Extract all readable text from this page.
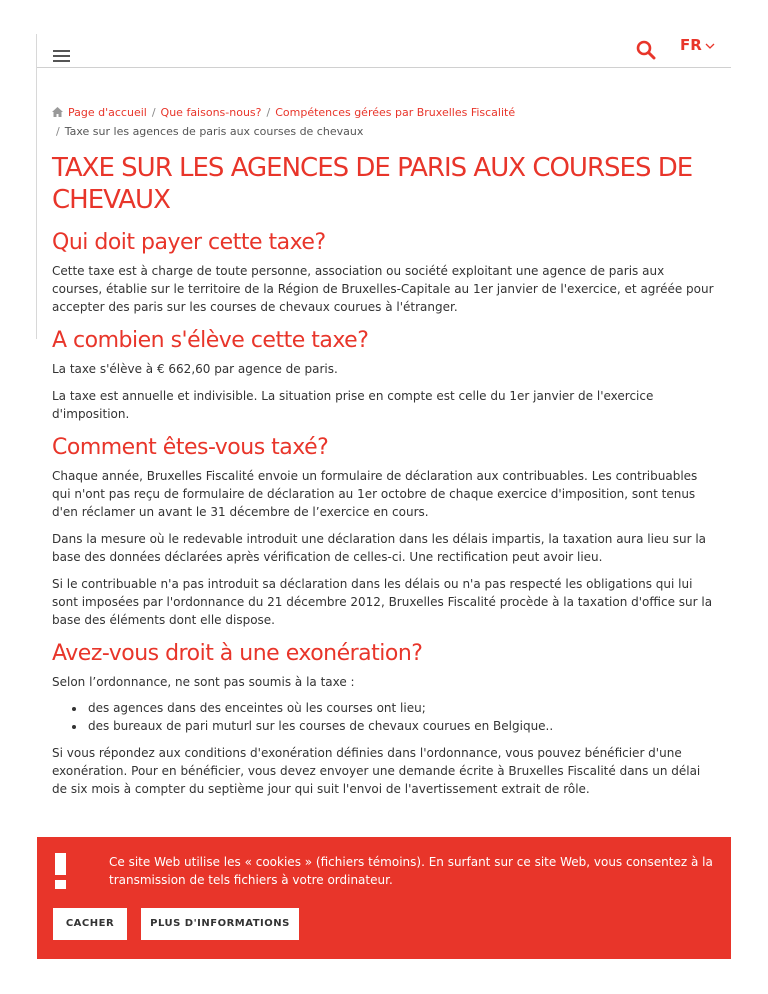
FR
Page d'accueil / Que faisons-nous? / Compétences gérées par Bruxelles Fiscalité
/ Taxe sur les agences de paris aux courses de chevaux
TAXE SUR LES AGENCES DE PARIS AUX COURSES DE CHEVAUX
Qui doit payer cette taxe?

Cette taxe est à charge de toute personne, association ou société exploitant une agence de paris aux courses, établie sur le territoire de la Région de Bruxelles-Capitale au 1er janvier de l'exercice, et agréée pour accepter des paris sur les courses de chevaux courues à l'étranger.

A combien s'élève cette taxe?

La taxe s'élève à € 662,60 par agence de paris.

La taxe est annuelle et indivisible. La situation prise en compte est celle du 1er janvier de l'exercice d'imposition.

Comment êtes-vous taxé?

Chaque année, Bruxelles Fiscalité envoie un formulaire de déclaration aux contribuables. Les contribuables qui n'ont pas reçu de formulaire de déclaration au 1er octobre de chaque exercice d'imposition, sont tenus d'en réclamer un avant le 31 décembre de l’exercice en cours.

Dans la mesure où le redevable introduit une déclaration dans les délais impartis, la taxation aura lieu sur la base des données déclarées après vérification de celles-ci. Une rectification peut avoir lieu.

Si le contribuable n'a pas introduit sa déclaration dans les délais ou n'a pas respecté les obligations qui lui sont imposées par l'ordonnance du 21 décembre 2012, Bruxelles Fiscalité procède à la taxation d'office sur la base des éléments dont elle dispose.

Avez-vous droit à une exonération?

Selon l’ordonnance, ne sont pas soumis à la taxe :

des agences dans des enceintes où les courses ont lieu;
des bureaux de pari muturl sur les courses de chevaux courues en Belgique..

Si vous répondez aux conditions d'exonération définies dans l'ordonnance, vous pouvez bénéficier d'une exonération. Pour en bénéficier, vous devez envoyer une demande écrite à Bruxelles Fiscalité dans un délai de six mois à compter du septième jour qui suit l'envoi de l'avertissement extrait de rôle.

Ce site Web utilise les « cookies » (fichiers témoins). En surfant sur ce site Web, vous consentez à la transmission de tels fichiers à votre ordinateur.
CACHER	PLUS D'INFORMATIONS
